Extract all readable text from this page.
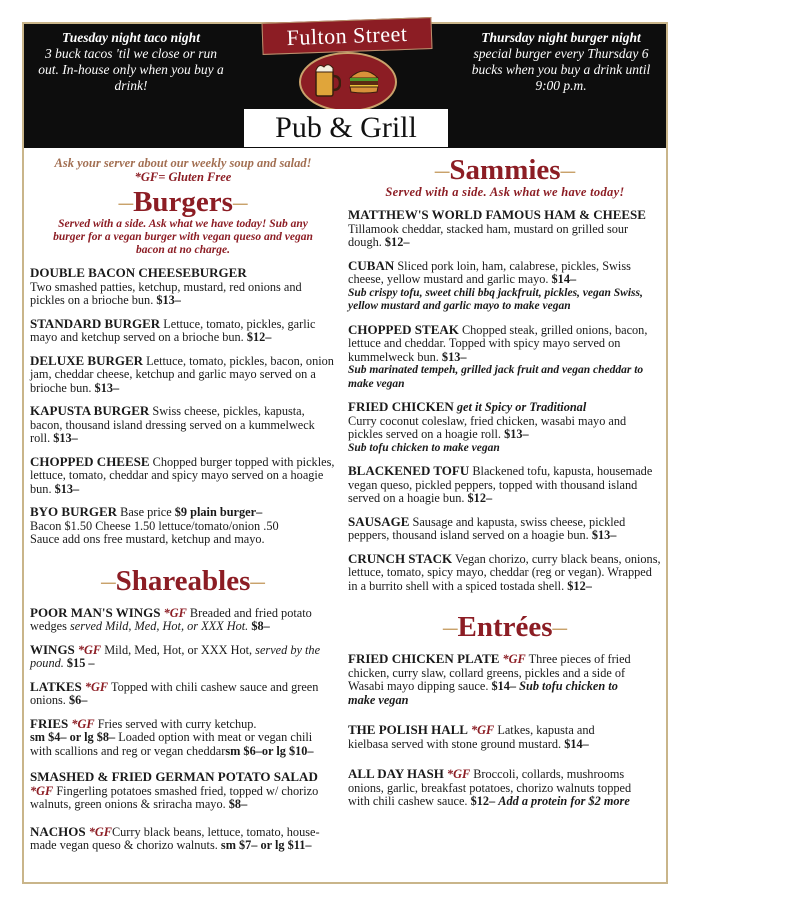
Tuesday night taco night
3 buck tacos 'til we close or run out. In-house only when you buy a drink!
Thursday night burger night
special burger every Thursday 6 bucks when you buy a drink until 9:00 p.m.
Fulton Street
Pub & Grill
Ask your server about our weekly soup and salad!
*GF= Gluten Free
–Burgers–
Served with a side. Ask what we have today! Sub any burger for a vegan burger with vegan queso and vegan bacon at no charge.
DOUBLE BACON CHEESEBURGER
Two smashed patties, ketchup, mustard, red onions and pickles on a brioche bun. $13–
STANDARD BURGER Lettuce, tomato, pickles, garlic mayo and ketchup served on a brioche bun. $12–
DELUXE BURGER Lettuce, tomato, pickles, bacon, onion jam, cheddar cheese, ketchup and garlic mayo served on a brioche bun. $13–
KAPUSTA BURGER Swiss cheese, pickles, kapusta, bacon, thousand island dressing served on a kummelweck roll. $13–
CHOPPED CHEESE Chopped burger topped with pickles, lettuce, tomato, cheddar and spicy mayo served on a hoagie bun. $13–
BYO BURGER Base price $9 plain burger–
Bacon $1.50 Cheese 1.50 lettuce/tomato/onion .50
Sauce add ons free mustard, ketchup and mayo.
–Shareables–
POOR MAN'S WINGS *GF Breaded and fried potato wedges served Mild, Med, Hot, or XXX Hot. $8–
WINGS *GF Mild, Med, Hot, or XXX Hot, served by the pound. $15 –
LATKES *GF Topped with chili cashew sauce and green onions. $6–
FRIES *GF Fries served with curry ketchup.
sm $4– or lg $8– Loaded option with meat or vegan chili with scallions and reg or vegan cheddarsm $6–or lg $10–
SMASHED & FRIED GERMAN POTATO SALAD *GF Fingerling potatoes smashed fried, topped w/ chorizo walnuts, green onions & sriracha mayo. $8–
NACHOS *GFCurry black beans, lettuce, tomato, house-made vegan queso & chorizo walnuts. sm $7– or lg $11–
–Sammies–
Served with a side. Ask what we have today!
MATTHEW'S WORLD FAMOUS HAM & CHEESE Tillamook cheddar, stacked ham, mustard on grilled sour dough. $12–
CUBAN Sliced pork loin, ham, calabrese, pickles, Swiss cheese, yellow mustard and garlic mayo. $14–
Sub crispy tofu, sweet chili bbq jackfruit, pickles, vegan Swiss, yellow mustard and garlic mayo to make vegan
CHOPPED STEAK Chopped steak, grilled onions, bacon, lettuce and cheddar. Topped with spicy mayo served on kummelweck bun. $13–
Sub marinated tempeh, grilled jack fruit and vegan cheddar to make vegan
FRIED CHICKEN get it Spicy or Traditional
Curry coconut coleslaw, fried chicken, wasabi mayo and pickles served on a hoagie roll. $13–
Sub tofu chicken to make vegan
BLACKENED TOFU Blackened tofu, kapusta, housemade vegan queso, pickled peppers, topped with thousand island served on a hoagie bun. $12–
SAUSAGE Sausage and kapusta, swiss cheese, pickled peppers, thousand island served on a hoagie bun. $13–
CRUNCH STACK Vegan chorizo, curry black beans, onions, lettuce, tomato, spicy mayo, cheddar (reg or vegan). Wrapped in a burrito shell with a spiced tostada shell. $12–
–Entrées–
FRIED CHICKEN PLATE *GF Three pieces of fried chicken, curry slaw, collard greens, pickles and a side of Wasabi mayo dipping sauce. $14– Sub tofu chicken to make vegan
THE POLISH HALL *GF Latkes, kapusta and kielbasa served with stone ground mustard. $14–
ALL DAY HASH *GF Broccoli, collards, mushrooms onions, garlic, breakfast potatoes, chorizo walnuts topped with chili cashew sauce. $12– Add a protein for $2 more
